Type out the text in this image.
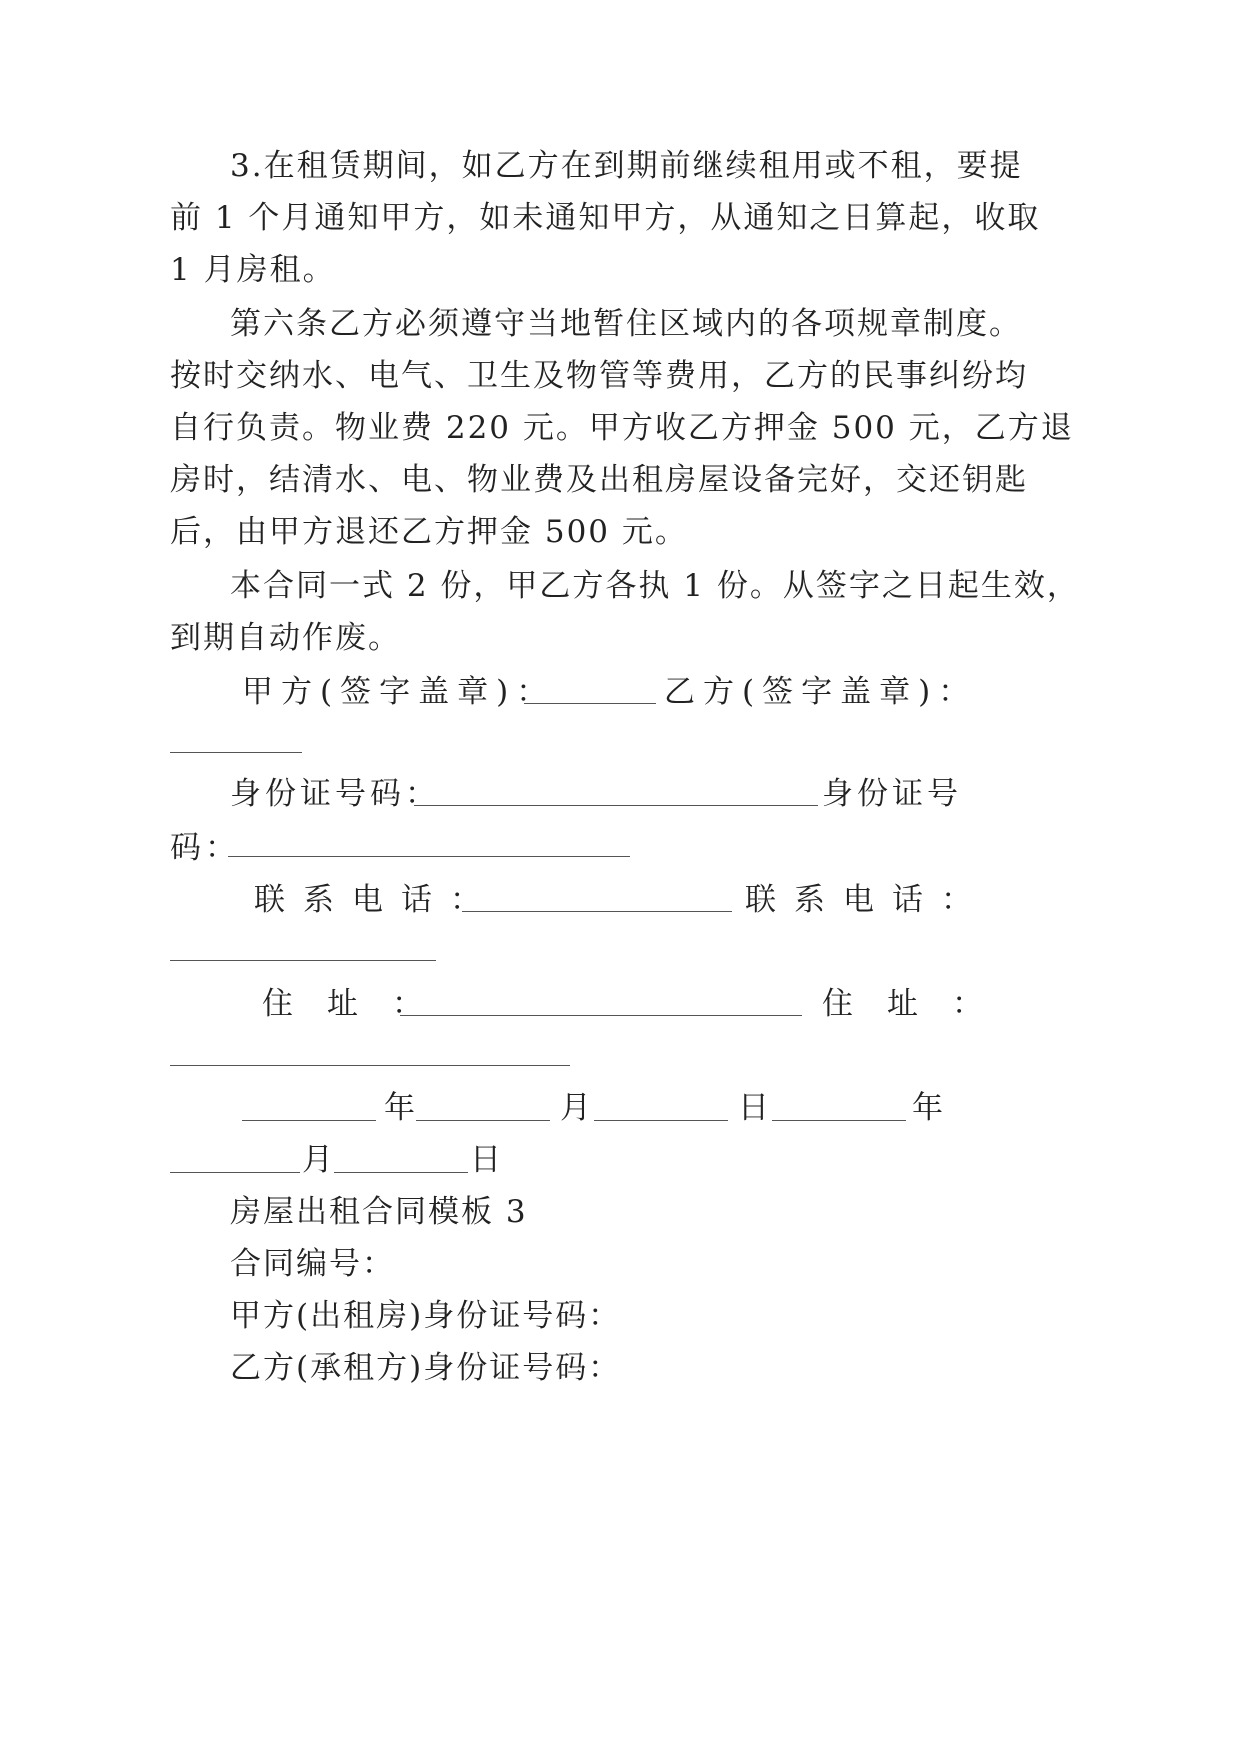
3.在租赁期间，如乙方在到期前继续租用或不租，要提
前 1 个月通知甲方，如未通知甲方，从通知之日算起，收取
1 月房租。
第六条乙方必须遵守当地暂住区域内的各项规章制度。
按时交纳水、电气、卫生及物管等费用，乙方的民事纠纷均
自行负责。物业费 220 元。甲方收乙方押金 500 元，乙方退
房时，结清水、电、物业费及出租房屋设备完好，交还钥匙
后，由甲方退还乙方押金 500 元。
本合同一式 2 份，甲乙方各执 1 份。从签字之日起生效，
到期自动作废。
甲方(签字盖章)：	乙方(签字盖章)：
身份证号码：	身份证号
码：
联系电话：	联系电话：
住址：	住址：
年	月	日	年
月	日
房屋出租合同模板 3
合同编号：
甲方(出租房)身份证号码：
乙方(承租方)身份证号码：
